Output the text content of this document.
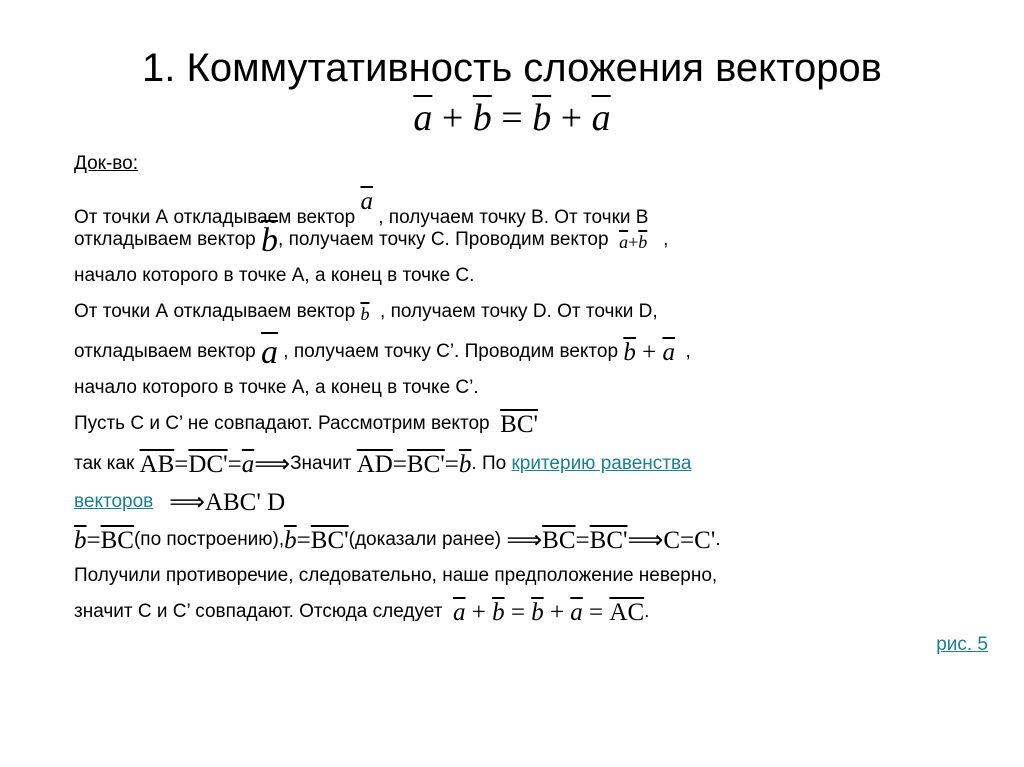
1. Коммутативность сложения векторов
$\overline{a} + \overline{b} = \overline{b} + \overline{a}$
Док-во:
От точки А откладываем вектор $\overline{a}$ , получаем точку В. От точки В
откладываем вектор $\overline{b}$, получаем точку С. Проводим вектор $\overline{a}+\overline{b}$ ,
начало которого в точке А, а конец в точке С.
От точки А откладываем вектор $\overline{b}$ , получаем точку D. От точки D,
откладываем вектор $\overline{a}$ , получаем точку С’. Проводим вектор $\overline{b} + \overline{a}$ ,
начало которого в точке А, а конец в точке С’.
Пусть С и С’ не совпадают. Рассмотрим вектор BC'
так как $\overline{AB}=DC'=\overline{a}⟹Значит$ $\overline{AD}=BC'=\overline{b}$. По критерию равенства
векторов ⟹ABC' D
$\overline{b}=\overline{BC}(по$ $построению),\overline{b}=BC'(доказали$ ранее) $⟹\overline{BC}=BC'⟹C=C'$.
Получили противоречие, следовательно, наше предположение неверно,
значит С и С’ совпадают. Отсюда следует $\overline{a} + \overline{b} = \overline{b} + \overline{a} = \overline{AC}$.
рис. 5
